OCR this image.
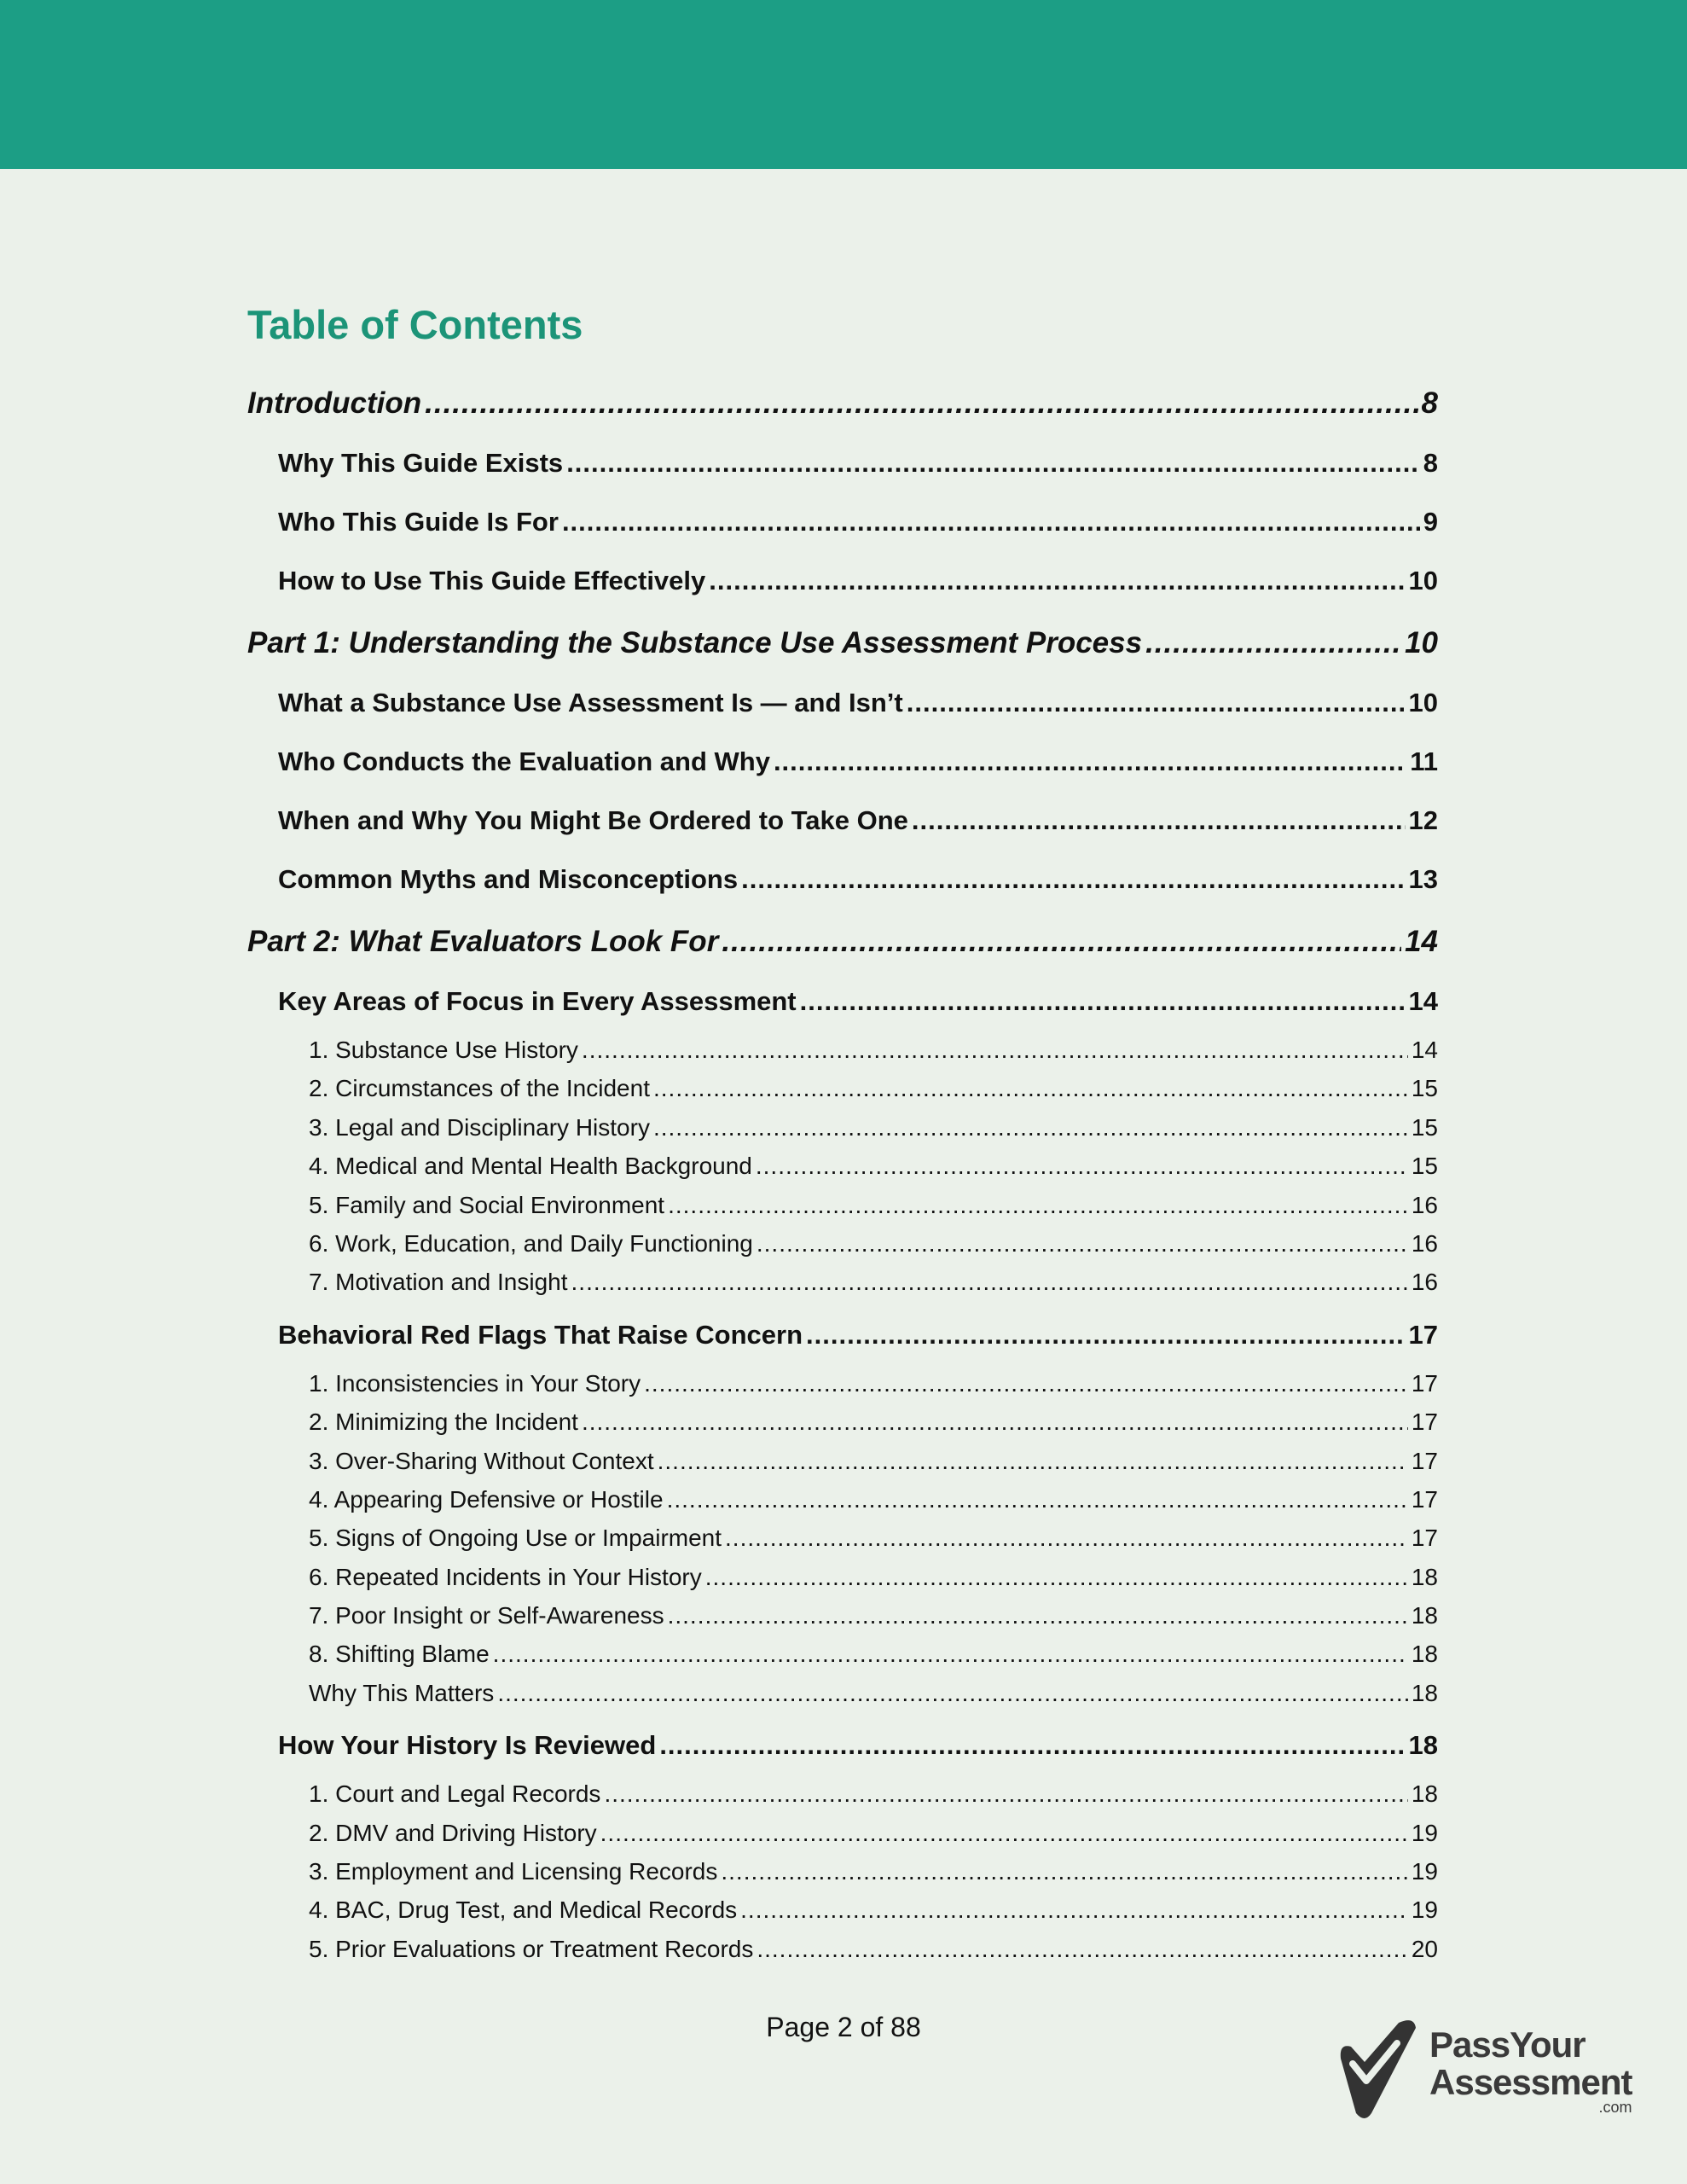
Table of Contents
Introduction .....	8
Why This Guide Exists .....	8
Who This Guide Is For .....	9
How to Use This Guide Effectively .....	10
Part 1: Understanding the Substance Use Assessment Process .....	10
What a Substance Use Assessment Is — and Isn’t .....	10
Who Conducts the Evaluation and Why .....	11
When and Why You Might Be Ordered to Take One .....	12
Common Myths and Misconceptions .....	13
Part 2: What Evaluators Look For .....	14
Key Areas of Focus in Every Assessment .....	14
1. Substance Use History .....	14
2. Circumstances of the Incident .....	15
3. Legal and Disciplinary History .....	15
4. Medical and Mental Health Background .....	15
5. Family and Social Environment .....	16
6. Work, Education, and Daily Functioning .....	16
7. Motivation and Insight .....	16
Behavioral Red Flags That Raise Concern .....	17
1. Inconsistencies in Your Story .....	17
2. Minimizing the Incident .....	17
3. Over-Sharing Without Context .....	17
4. Appearing Defensive or Hostile .....	17
5. Signs of Ongoing Use or Impairment .....	17
6. Repeated Incidents in Your History .....	18
7. Poor Insight or Self-Awareness .....	18
8. Shifting Blame .....	18
Why This Matters .....	18
How Your History Is Reviewed .....	18
1. Court and Legal Records .....	18
2. DMV and Driving History .....	19
3. Employment and Licensing Records .....	19
4. BAC, Drug Test, and Medical Records .....	19
5. Prior Evaluations or Treatment Records .....	20
Page 2 of 88	PassYour
Assessment
.com
